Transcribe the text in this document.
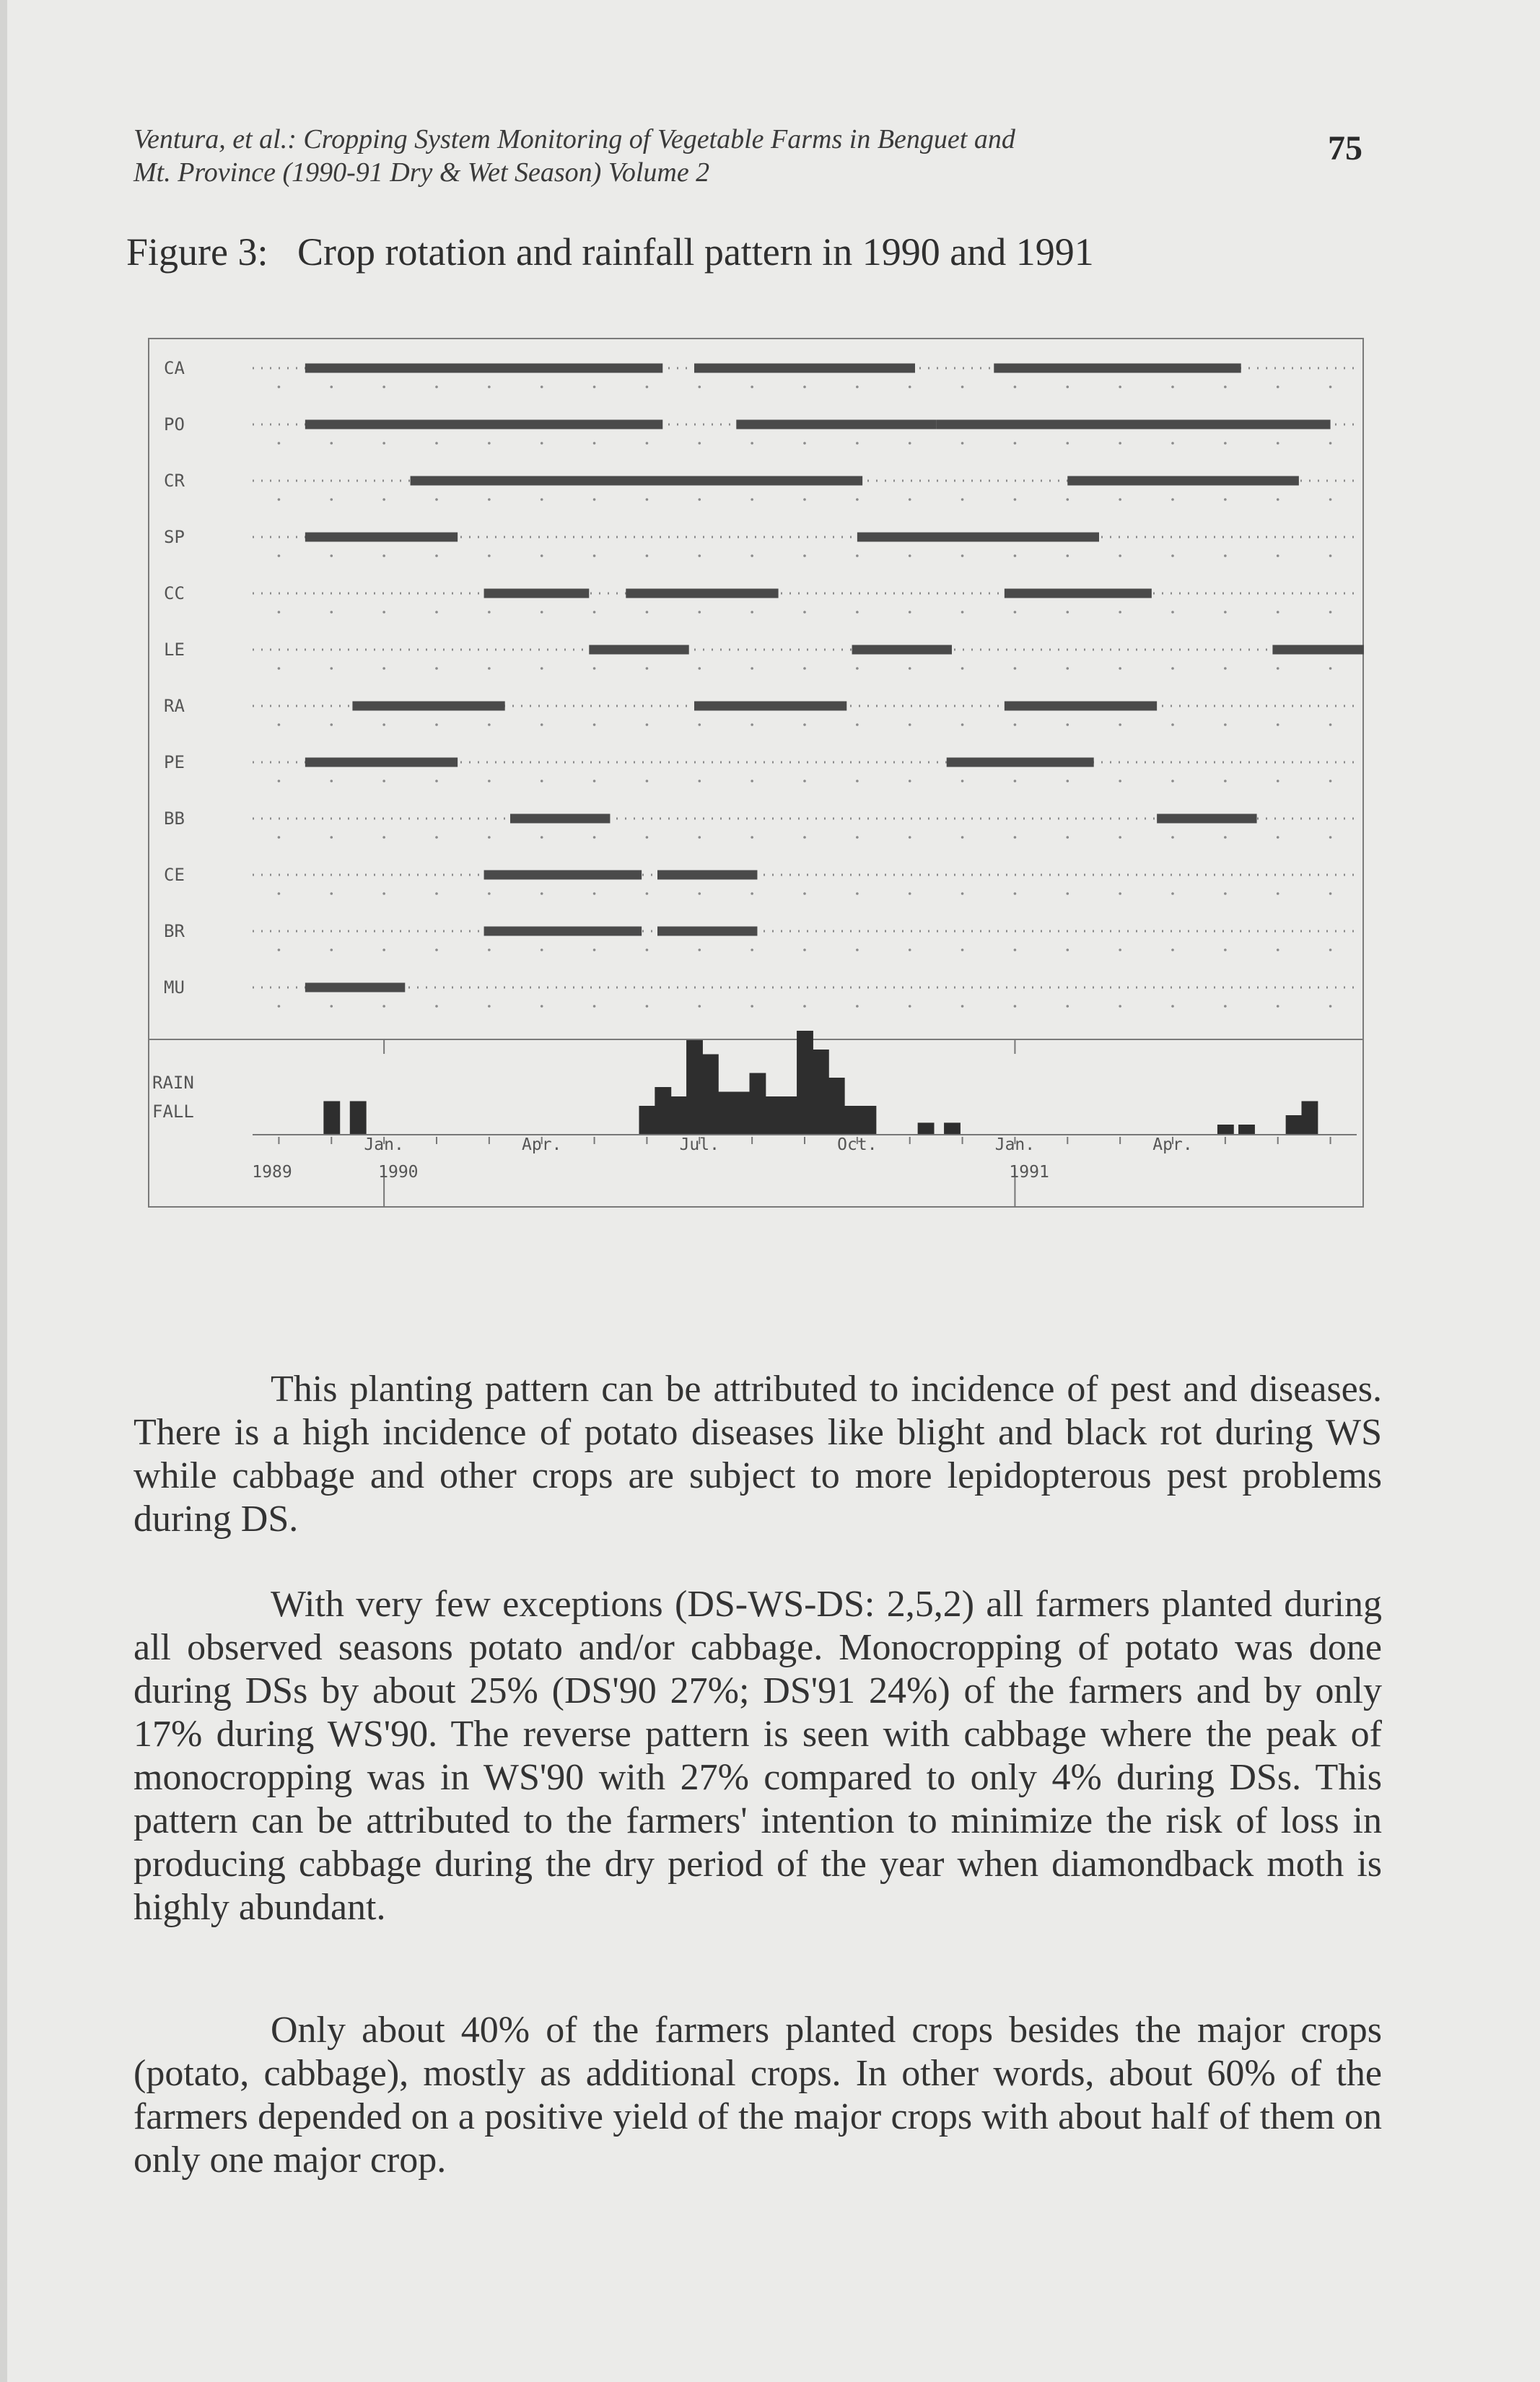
Ventura, et al.: Cropping System Monitoring of Vegetable Farms in Benguet and
Mt. Province (1990-91 Dry & Wet Season) Volume 2
75
Figure 3: Crop rotation and rainfall pattern in 1990 and 1991
CA
PO
CR
SP
CC
LE
RA
PE
BB
CE
BR
MU
RAIN
FALL
Jan.	Apr.	Jul.	Oct.	Jan.	Apr.
1989	1990	1991

This planting pattern can be attributed to incidence of pest and diseases. There is a high incidence of potato diseases like blight and black rot during WS while cabbage and other crops are subject to more lepidopterous pest problems during DS.

With very few exceptions (DS-WS-DS: 2,5,2) all farmers planted during all observed seasons potato and/or cabbage. Monocropping of potato was done during DSs by about 25% (DS'90 27%; DS'91 24%) of the farmers and by only 17% during WS'90. The reverse pattern is seen with cabbage where the peak of monocropping was in WS'90 with 27% compared to only 4% during DSs. This pattern can be attributed to the farmers' intention to minimize the risk of loss in producing cabbage during the dry period of the year when diamondback moth is highly abundant.

Only about 40% of the farmers planted crops besides the major crops (potato, cabbage), mostly as additional crops. In other words, about 60% of the farmers depended on a positive yield of the major crops with about half of them on only one major crop.
